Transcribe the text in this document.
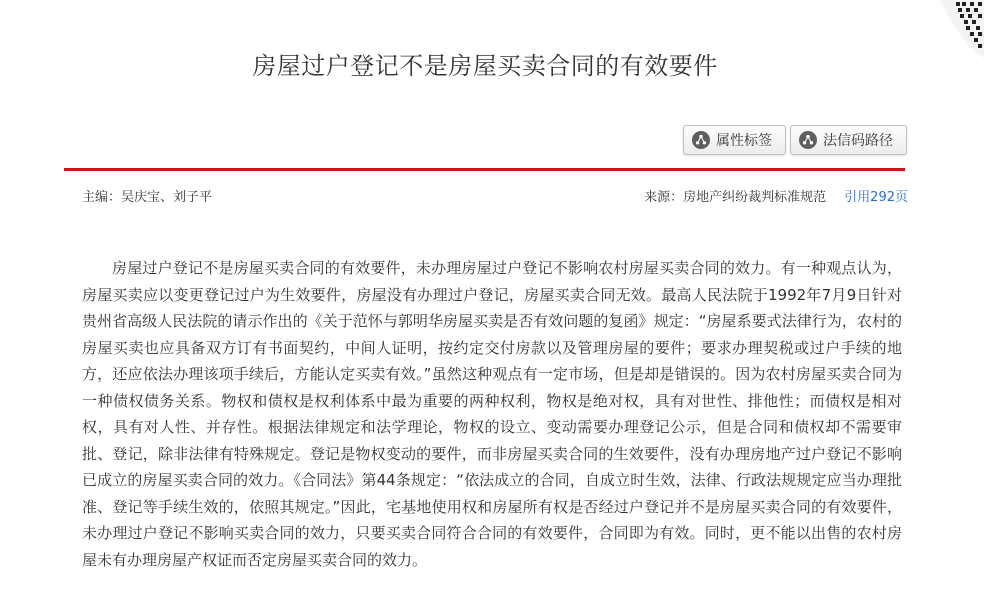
房屋过户登记不是房屋买卖合同的有效要件
属性标签	法信码路径
主编：吴庆宝、刘子平	来源：房地产纠纷裁判标准规范 引用292页

房屋过户登记不是房屋买卖合同的有效要件，未办理房屋过户登记不影响农村房屋买卖合同的效力。有一种观点认为，房屋买卖应以变更登记过户为生效要件，房屋没有办理过户登记，房屋买卖合同无效。最高人民法院于1992年7月9日针对贵州省高级人民法院的请示作出的《关于范怀与郭明华房屋买卖是否有效问题的复函》规定：“房屋系要式法律行为，农村的房屋买卖也应具备双方订有书面契约，中间人证明，按约定交付房款以及管理房屋的要件；要求办理契税或过户手续的地方，还应依法办理该项手续后，方能认定买卖有效。”虽然这种观点有一定市场，但是却是错误的。因为农村房屋买卖合同为一种债权债务关系。物权和债权是权利体系中最为重要的两种权利，物权是绝对权，具有对世性、排他性；而债权是相对权，具有对人性、并存性。根据法律规定和法学理论，物权的设立、变动需要办理登记公示，但是合同和债权却不需要审批、登记，除非法律有特殊规定。登记是物权变动的要件，而非房屋买卖合同的生效要件，没有办理房地产过户登记不影响已成立的房屋买卖合同的效力。《合同法》第44条规定：“依法成立的合同，自成立时生效，法律、行政法规规定应当办理批准、登记等手续生效的，依照其规定。”因此，宅基地使用权和房屋所有权是否经过户登记并不是房屋买卖合同的有效要件，未办理过户登记不影响买卖合同的效力，只要买卖合同符合合同的有效要件，合同即为有效。同时，更不能以出售的农村房屋未有办理房屋产权证而否定房屋买卖合同的效力。
